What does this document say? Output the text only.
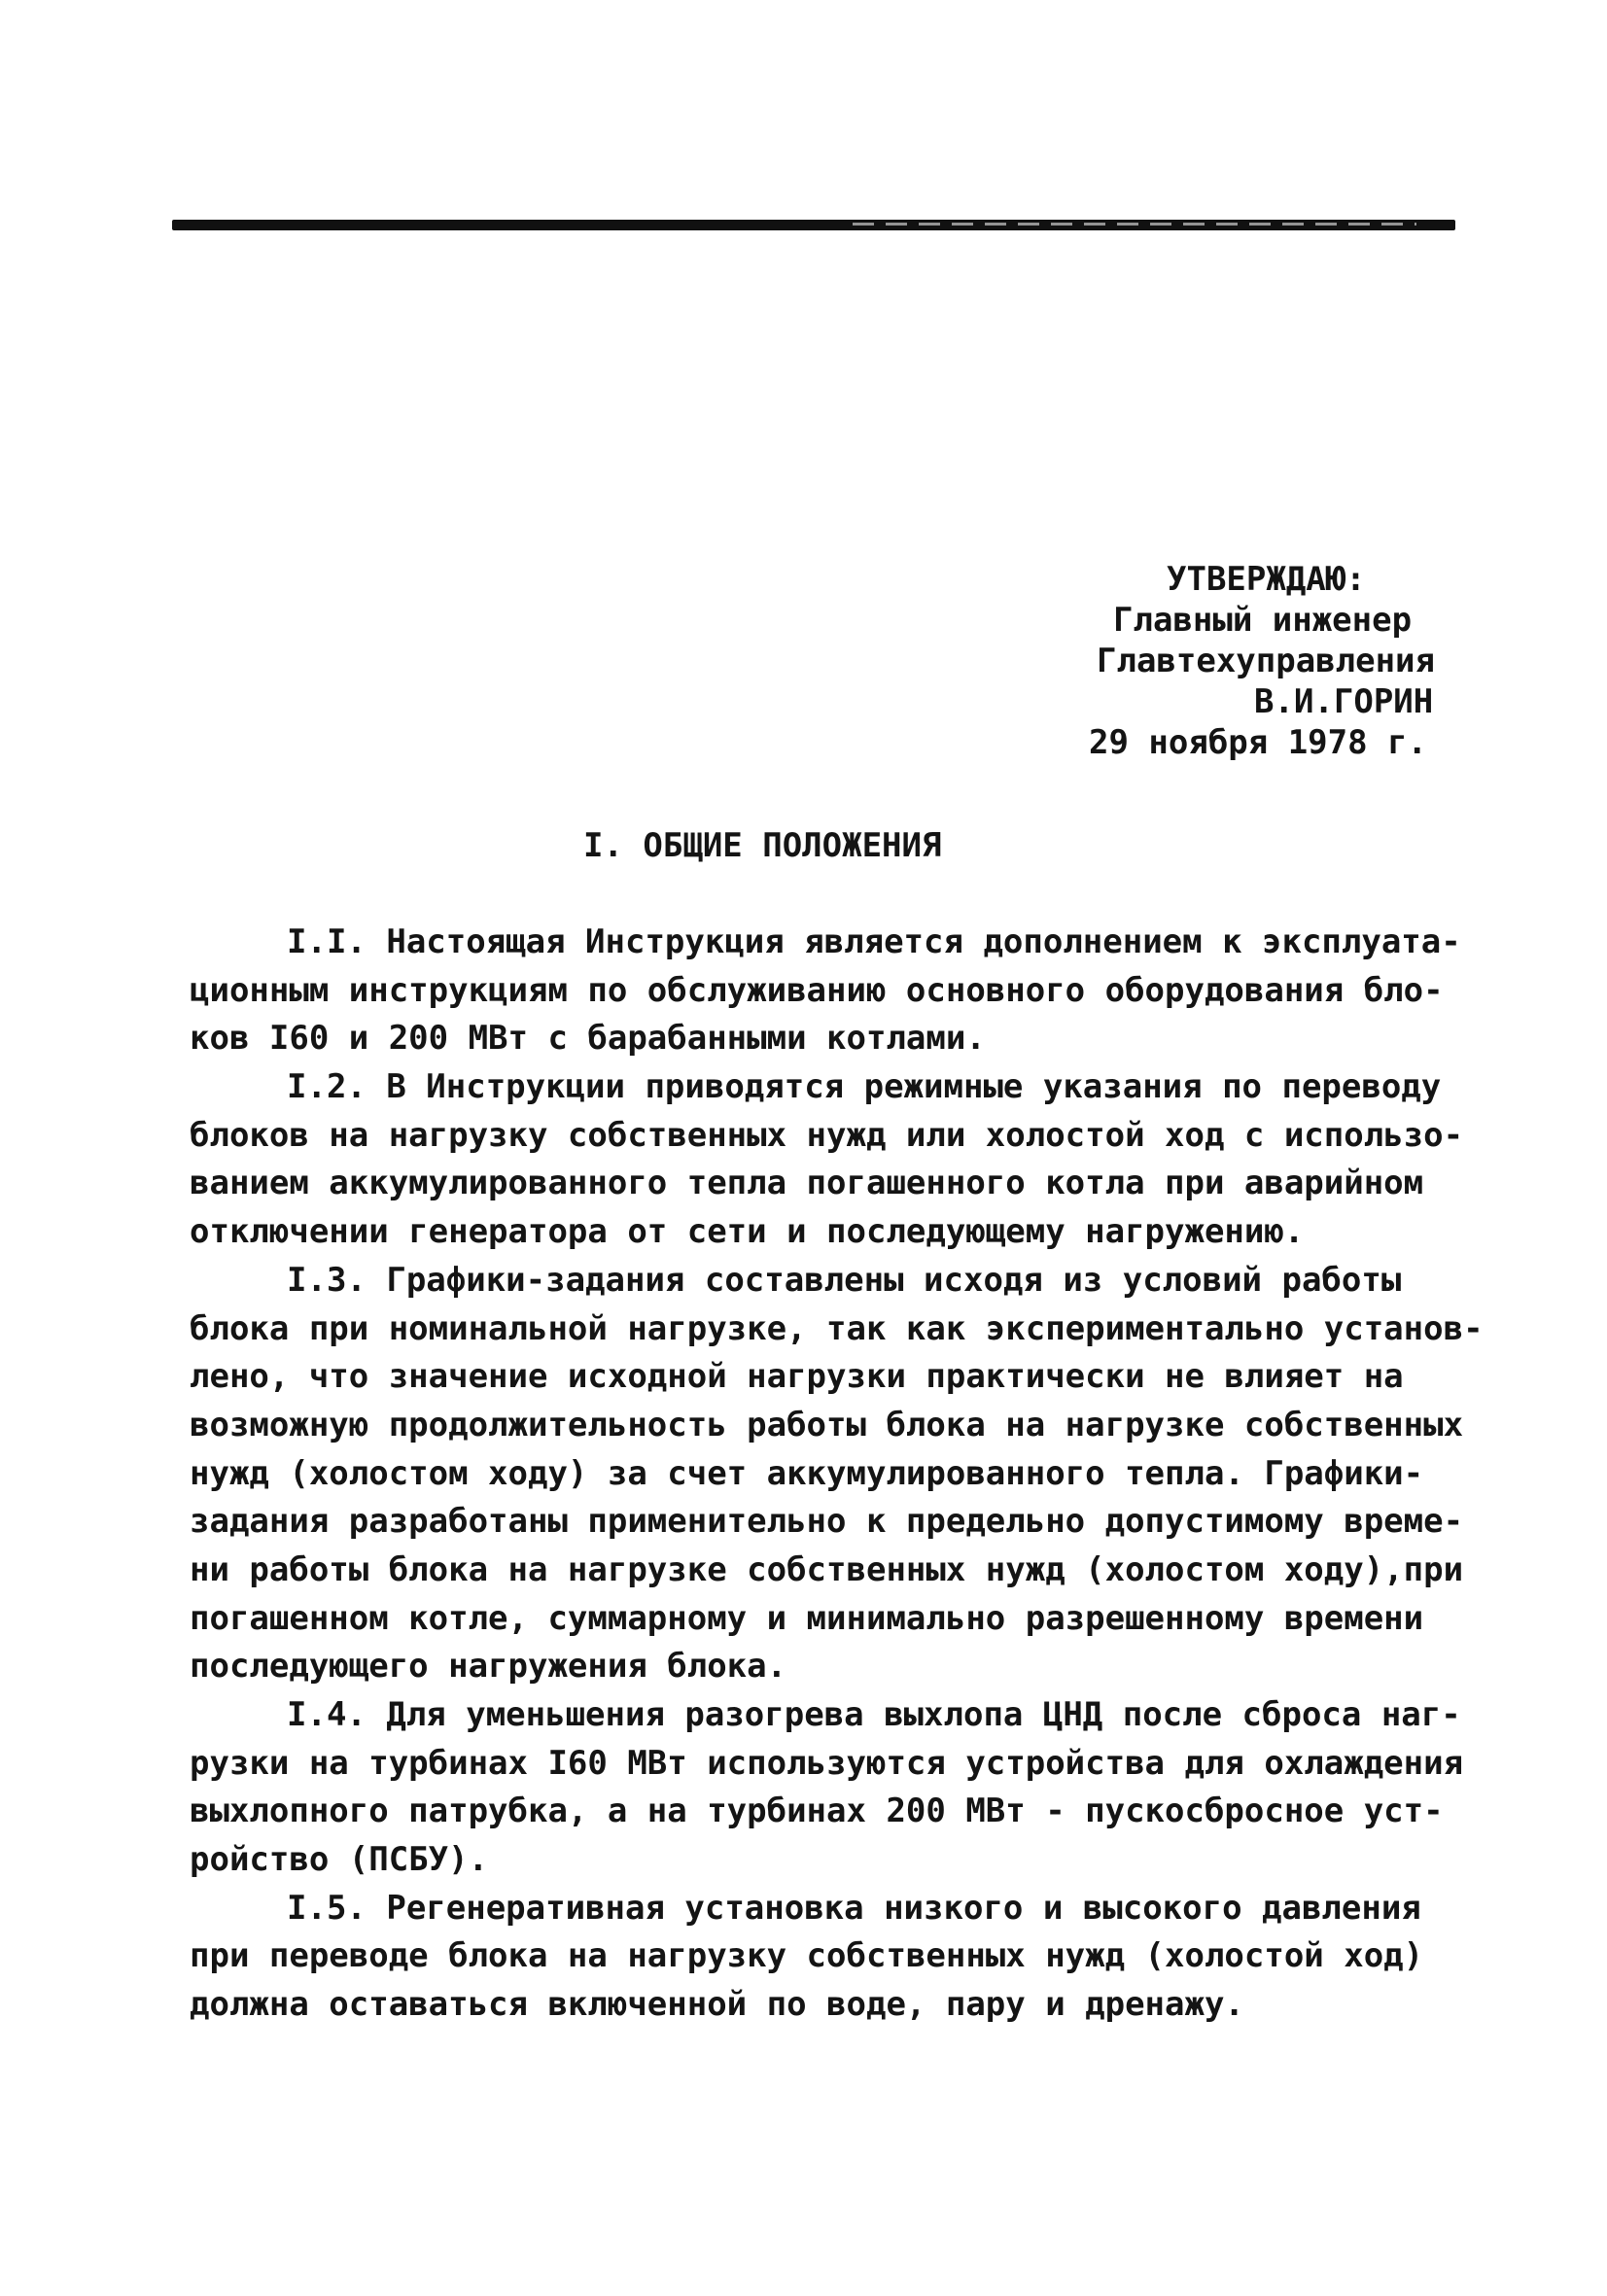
УТВЕРЖДАЮ:
Главный инженер
Главтехуправления
В.И.ГОРИН
29 ноября 1978 г.
I. ОБЩИЕ ПОЛОЖЕНИЯ
I.I. Настоящая Инструкция является дополнением к эксплуата-
ционным инструкциям по обслуживанию основного оборудования бло-
ков I60 и 200 МВт с барабанными котлами.
I.2. В Инструкции приводятся режимные указания по переводу
блоков на нагрузку собственных нужд или холостой ход с использо-
ванием аккумулированного тепла погашенного котла при аварийном
отключении генератора от сети и последующему нагружению.
I.3. Графики-задания составлены исходя из условий работы
блока при номинальной нагрузке, так как экспериментально установ-
лено, что значение исходной нагрузки практически не влияет на
возможную продолжительность работы блока на нагрузке собственных
нужд (холостом ходу) за счет аккумулированного тепла. Графики-
задания разработаны применительно к предельно допустимому време-
ни работы блока на нагрузке собственных нужд (холостом ходу),при
погашенном котле, суммарному и минимально разрешенному времени
последующего нагружения блока.
I.4. Для уменьшения разогрева выхлопа ЦНД после сброса наг-
рузки на турбинах I60 МВт используются устройства для охлаждения
выхлопного патрубка, а на турбинах 200 МВт - пускосбросное уст-
ройство (ПСБУ).
I.5. Регенеративная установка низкого и высокого давления
при переводе блока на нагрузку собственных нужд (холостой ход)
должна оставаться включенной по воде, пару и дренажу.
